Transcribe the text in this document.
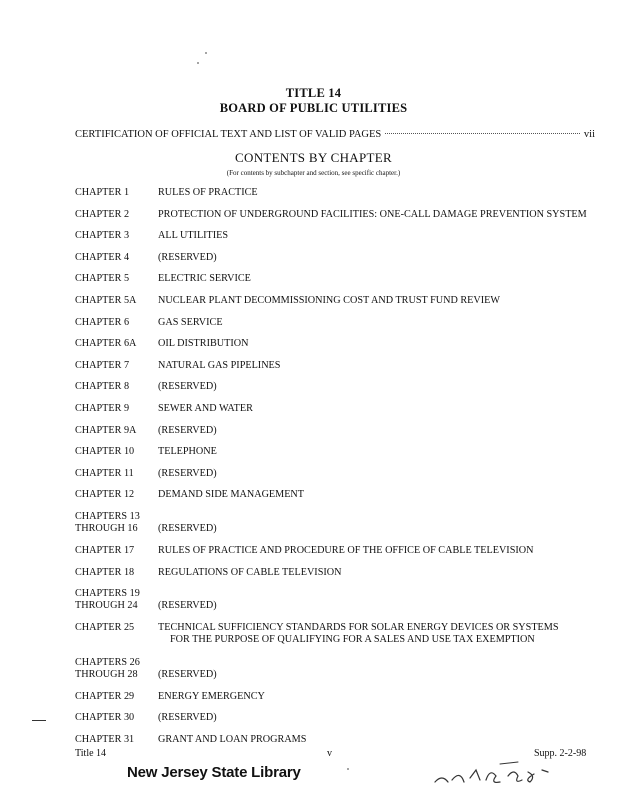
TITLE 14
BOARD OF PUBLIC UTILITIES
CERTIFICATION OF OFFICIAL TEXT AND LIST OF VALID PAGES	vii
CONTENTS BY CHAPTER
(For contents by subchapter and section, see specific chapter.)
CHAPTER 1	RULES OF PRACTICE
CHAPTER 2	PROTECTION OF UNDERGROUND FACILITIES: ONE-CALL DAMAGE PREVENTION SYSTEM
CHAPTER 3	ALL UTILITIES
CHAPTER 4	(RESERVED)
CHAPTER 5	ELECTRIC SERVICE
CHAPTER 5A	NUCLEAR PLANT DECOMMISSIONING COST AND TRUST FUND REVIEW
CHAPTER 6	GAS SERVICE
CHAPTER 6A	OIL DISTRIBUTION
CHAPTER 7	NATURAL GAS PIPELINES
CHAPTER 8	(RESERVED)
CHAPTER 9	SEWER AND WATER
CHAPTER 9A	(RESERVED)
CHAPTER 10	TELEPHONE
CHAPTER 11	(RESERVED)
CHAPTER 12	DEMAND SIDE MANAGEMENT
CHAPTERS 13
THROUGH 16	(RESERVED)
CHAPTER 17	RULES OF PRACTICE AND PROCEDURE OF THE OFFICE OF CABLE TELEVISION
CHAPTER 18	REGULATIONS OF CABLE TELEVISION
CHAPTERS 19
THROUGH 24	(RESERVED)
CHAPTER 25	TECHNICAL SUFFICIENCY STANDARDS FOR SOLAR ENERGY DEVICES OR SYSTEMS
FOR THE PURPOSE OF QUALIFYING FOR A SALES AND USE TAX EXEMPTION
CHAPTERS 26
THROUGH 28	(RESERVED)
CHAPTER 29	ENERGY EMERGENCY
CHAPTER 30	(RESERVED)
CHAPTER 31	GRANT AND LOAN PROGRAMS
Title 14	v	Supp. 2-2-98
New Jersey State Library
